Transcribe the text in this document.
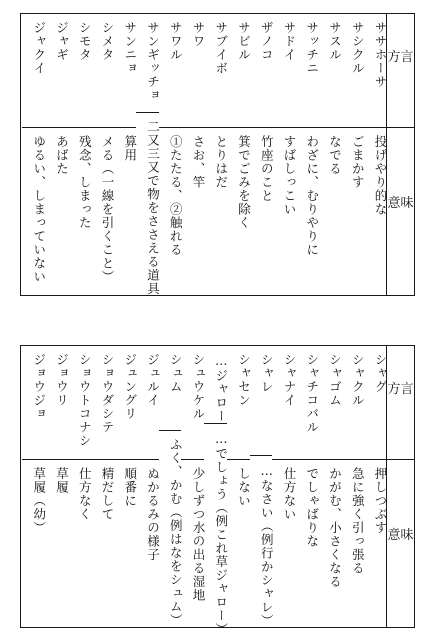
方言
意味
ササホーサ
投げやり的な
サシクル
ごまかす
サスル
なでる
サッチニ
わざに、むりやりに
サドイ
すばしっこい
ザノコ
竹座のこと
サビル
箕でごみを除く
サブイボ
とりはだ
サワ
さお、竿
サワル
①たたる、②触れる
サンギッチョ
二又三又で物をささえる道具
サンニョ
算用
シメタ
メる（一線を引くこと）
シモタ
残念、しまった
ジャギ
あばた
ジャクイ
ゆるい、しまっていない
方言
意味
シャグ
押しつぶす
シャクル
急に強く引っ張る
シャゴム
かがむ、小さくなる
シャチコバル
でしゃばりな
シャナイ
仕方ない
シャレ
…なさい（例行かシャレ）
シャセン
しない
…ジャロー
…でしょう（例これ草ジャロー）
シュウケル
少しずつ水の出る湿地
シュム
ふく、かむ（例はなをシュム）
ジュルイ
ぬかるみの様子
ジュングリ
順番に
ショウダシテ
精だして
ショウトコナシ
仕方なく
ジョウリ
草履
ジョウジョ
草履（幼）
